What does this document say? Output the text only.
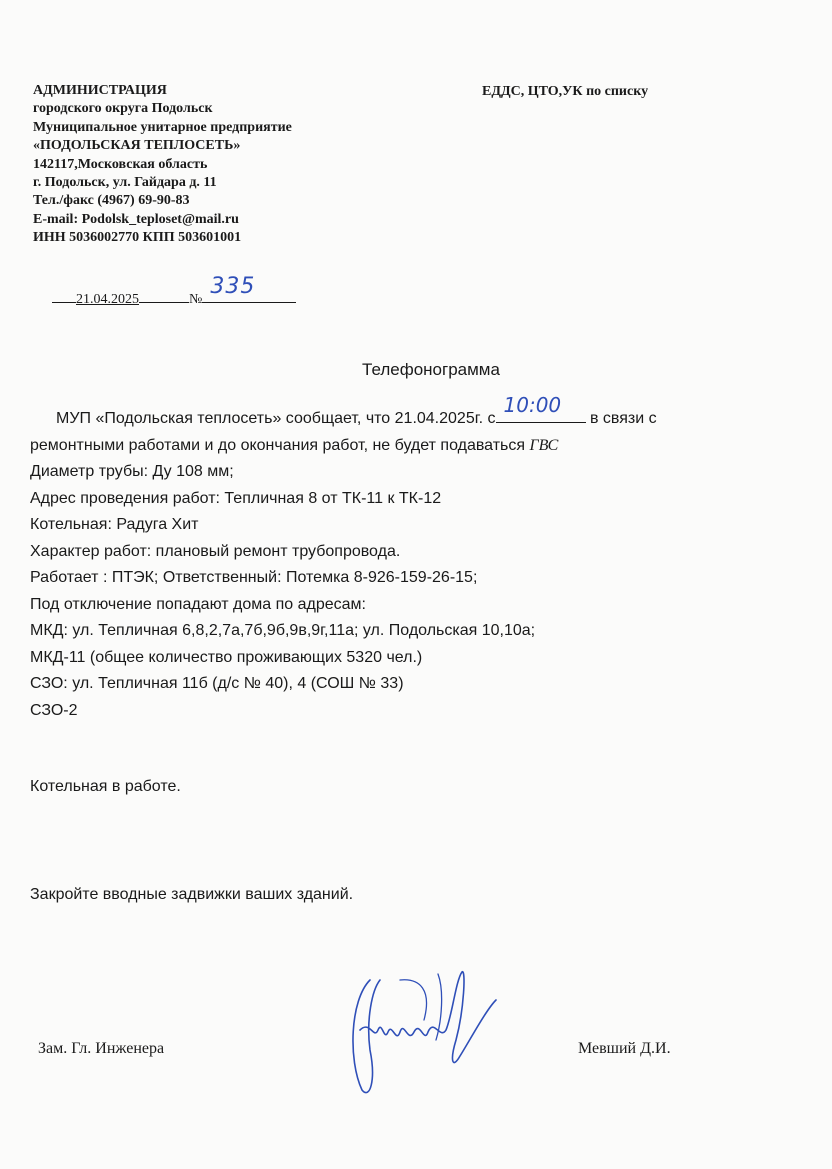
АДМИНИСТРАЦИЯ
городского округа Подольск
Муниципальное унитарное предприятие
«ПОДОЛЬСКАЯ ТЕПЛОСЕТЬ»
142117,Московская область
г. Подольск, ул. Гайдара д. 11
Тел./факс (4967) 69-90-83
E-mail: Podolsk_teploset@mail.ru
ИНН 5036002770 КПП 503601001
ЕДДС, ЦТО,УК по списку
21.04.2025	№
335
Телефонограмма
МУП «Подольская теплосеть» сообщает, что 21.04.2025г. с
10:00
в связи с
ремонтными работами и до окончания работ, не будет подаваться ГВС
Диаметр трубы: Ду 108 мм;
Адрес проведения работ: Тепличная 8 от ТК-11 к ТК-12
Котельная: Радуга Хит
Характер работ: плановый ремонт трубопровода.
Работает : ПТЭК; Ответственный: Потемка 8-926-159-26-15;
Под отключение попадают дома по адресам:
МКД: ул. Тепличная 6,8,2,7а,7б,9б,9в,9г,11а; ул. Подольская 10,10а;
МКД-11 (общее количество проживающих 5320 чел.)
СЗО: ул. Тепличная 11б (д/с № 40), 4 (СОШ № 33)
СЗО-2
Котельная в работе.
Закройте вводные задвижки ваших зданий.
Зам. Гл. Инженера	Мевший Д.И.
